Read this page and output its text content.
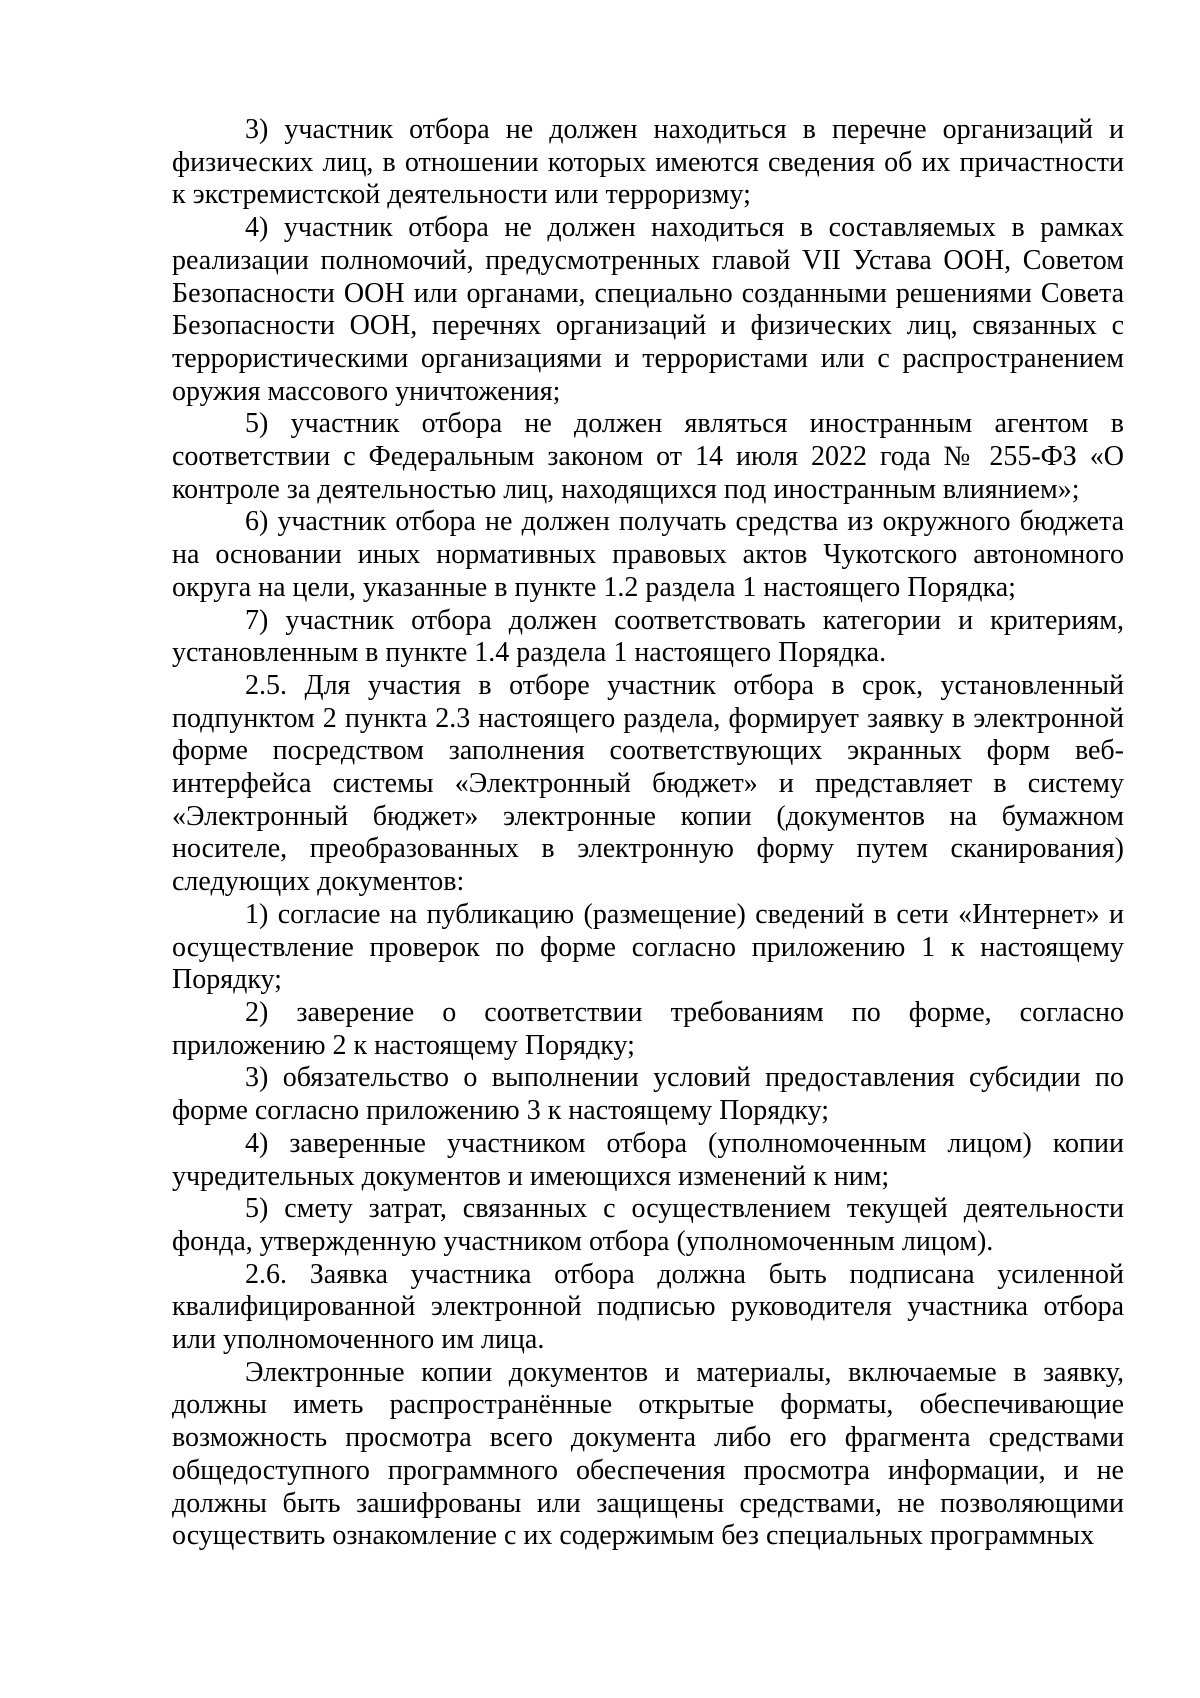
3) участник отбора не должен находиться в перечне организаций и физических лиц, в отношении которых имеются сведения об их причастности к экстремистской деятельности или терроризму;

4) участник отбора не должен находиться в составляемых в рамках реализации полномочий, предусмотренных главой VII Устава ООН, Советом Безопасности ООН или органами, специально созданными решениями Совета Безопасности ООН, перечнях организаций и физических лиц, связанных с террористическими организациями и террористами или с распространением оружия массового уничтожения;

5) участник отбора не должен являться иностранным агентом в соответствии с Федеральным законом от 14 июля 2022 года № 255-ФЗ «О контроле за деятельностью лиц, находящихся под иностранным влиянием»;

6) участник отбора не должен получать средства из окружного бюджета на основании иных нормативных правовых актов Чукотского автономного округа на цели, указанные в пункте 1.2 раздела 1 настоящего Порядка;

7) участник отбора должен соответствовать категории и критериям, установленным в пункте 1.4 раздела 1 настоящего Порядка.

2.5. Для участия в отборе участник отбора в срок, установленный подпунктом 2 пункта 2.3 настоящего раздела, формирует заявку в электронной форме посредством заполнения соответствующих экранных форм веб-интерфейса системы «Электронный бюджет» и представляет в систему «Электронный бюджет» электронные копии (документов на бумажном носителе, преобразованных в электронную форму путем сканирования) следующих документов:

1) согласие на публикацию (размещение) сведений в сети «Интернет» и осуществление проверок по форме согласно приложению 1 к настоящему Порядку;

2) заверение о соответствии требованиям по форме, согласно приложению 2 к настоящему Порядку;

3) обязательство о выполнении условий предоставления субсидии по форме согласно приложению 3 к настоящему Порядку;

4) заверенные участником отбора (уполномоченным лицом) копии учредительных документов и имеющихся изменений к ним;

5) смету затрат, связанных с осуществлением текущей деятельности фонда, утвержденную участником отбора (уполномоченным лицом).

2.6. Заявка участника отбора должна быть подписана усиленной квалифицированной электронной подписью руководителя участника отбора или уполномоченного им лица.

Электронные копии документов и материалы, включаемые в заявку, должны иметь распространённые открытые форматы, обеспечивающие возможность просмотра всего документа либо его фрагмента средствами общедоступного программного обеспечения просмотра информации, и не должны быть зашифрованы или защищены средствами, не позволяющими осуществить ознакомление с их содержимым без специальных программных
